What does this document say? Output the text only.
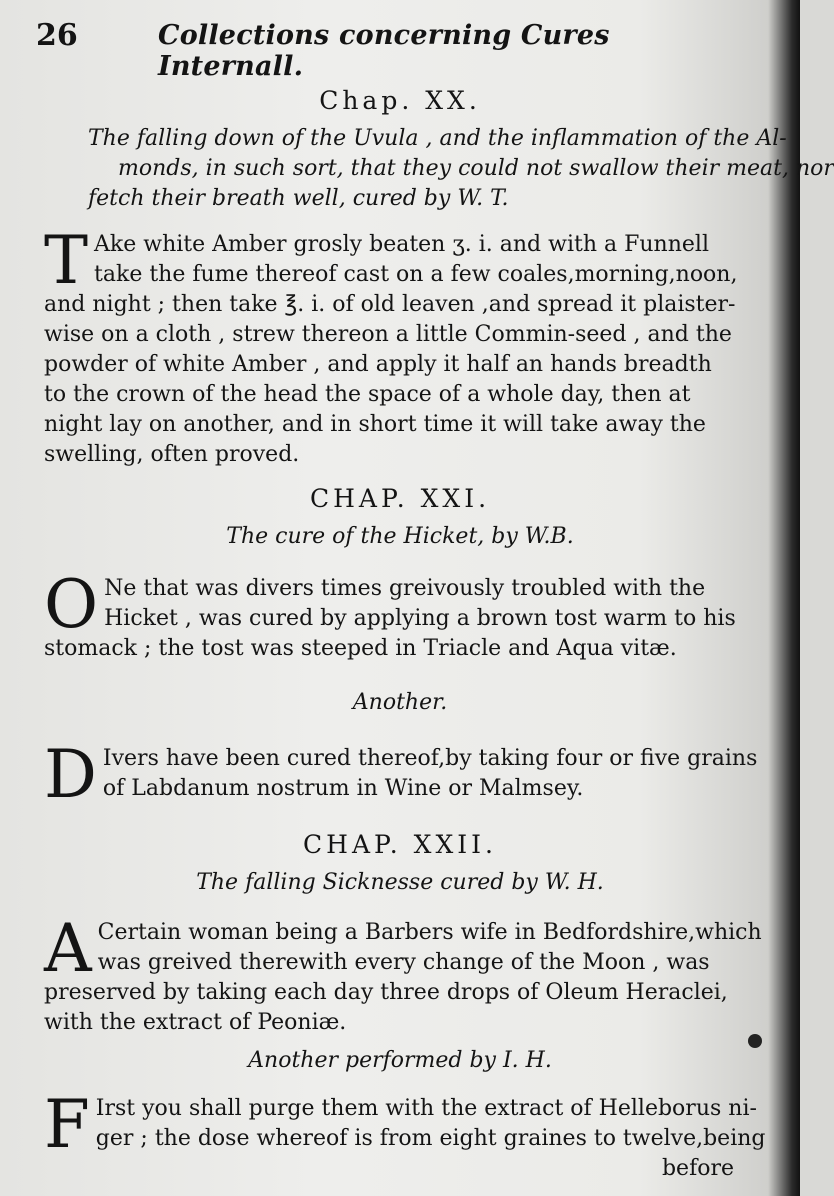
26	Collections concerning Cures Internall.
Chap. XX.
The falling down of the Uvula , and the inflammation of the Al-
monds, in such sort, that they could not swallow their meat, nor
fetch their breath well, cured by W. T.
T Ake white Amber grosly beaten ʒ. i. and with a Funnell
take the fume thereof cast on a few coales,morning,noon,
and night ; then take ℥. i. of old leaven ,and spread it plaister-
wise on a cloth , strew thereon a little Commin-seed , and the
powder of white Amber , and apply it half an hands breadth
to the crown of the head the space of a whole day, then at
night lay on another, and in short time it will take away the
swelling, often proved.
CHAP. XXI.
The cure of the Hicket, by W.B.
O Ne that was divers times greivously troubled with the
Hicket , was cured by applying a brown tost warm to his
stomack ; the tost was steeped in Triacle and Aqua vitæ.
Another.
D Ivers have been cured thereof,by taking four or five grains
of Labdanum nostrum in Wine or Malmsey.
CHAP. XXII.
The falling Sicknesse cured by W. H.
A Certain woman being a Barbers wife in Bedfordshire,which
was greived therewith every change of the Moon , was
preserved by taking each day three drops of Oleum Heraclei,
with the extract of Peoniæ.
Another performed by I. H.
F Irst you shall purge them with the extract of Helleborus ni-
ger ; the dose whereof is from eight graines to twelve,being
before
